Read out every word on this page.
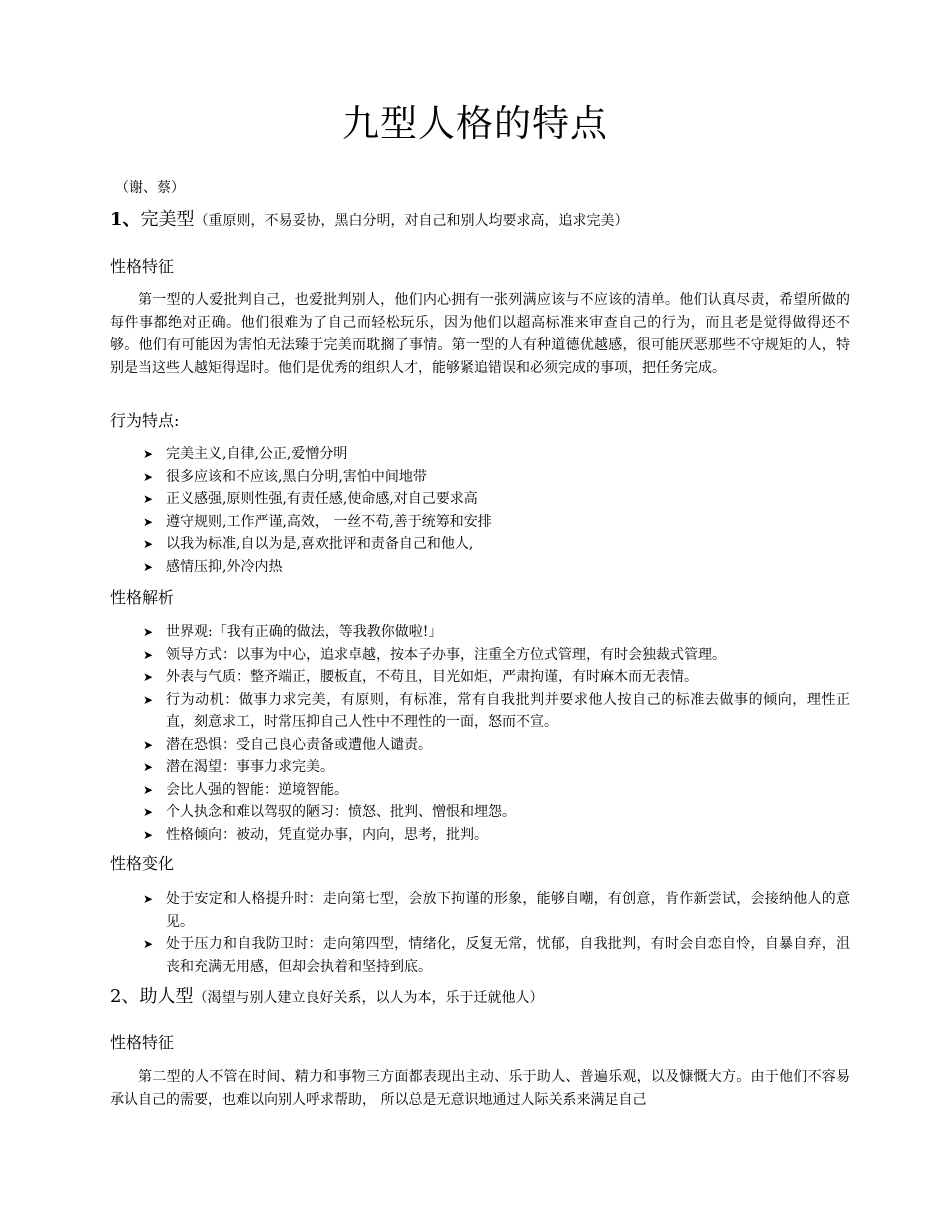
九型人格的特点
（谢、蔡）
1、完美型（重原则，不易妥协，黑白分明，对自己和别人均要求高，追求完美）
性格特征
第一型的人爱批判自己，也爱批判别人，他们内心拥有一张列满应该与不应该的清单。他们认真尽责，希望所做的每件事都绝对正确。他们很难为了自己而轻松玩乐，因为他们以超高标准来审查自己的行为，而且老是觉得做得还不够。他们有可能因为害怕无法臻于完美而耽搁了事情。第一型的人有种道德优越感，很可能厌恶那些不守规矩的人，特别是当这些人越矩得逞时。他们是优秀的组织人才，能够紧追错误和必须完成的事项，把任务完成。
行为特点:
➤ 完美主义,自律,公正,爱憎分明
➤ 很多应该和不应该,黑白分明,害怕中间地带
➤ 正义感强,原则性强,有责任感,使命感,对自己要求高
➤ 遵守规则,工作严谨,高效， 一丝不苟,善于统筹和安排
➤ 以我为标准,自以为是,喜欢批评和责备自己和他人,
➤ 感情压抑,外冷内热
性格解析
➤ 世界观:「我有正确的做法，等我教你做啦!」
➤ 领导方式：以事为中心，追求卓越，按本子办事，注重全方位式管理，有时会独裁式管理。
➤ 外表与气质：整齐端正，腰板直，不苟且，目光如炬，严肃拘谨，有时麻木而无表情。
➤ 行为动机：做事力求完美，有原则，有标准，常有自我批判并要求他人按自己的标准去做事的倾向，理性正直，刻意求工，时常压抑自己人性中不理性的一面，怒而不宣。
➤ 潜在恐惧：受自己良心责备或遭他人谴责。
➤ 潜在渴望：事事力求完美。
➤ 会比人强的智能：逆境智能。
➤ 个人执念和难以驾驭的陋习：愤怒、批判、憎恨和埋怨。
➤ 性格倾向：被动，凭直觉办事，内向，思考，批判。
性格变化
➤ 处于安定和人格提升时：走向第七型，会放下拘谨的形象，能够自嘲，有创意，肯作新尝试，会接纳他人的意见。
➤ 处于压力和自我防卫时：走向第四型，情绪化，反复无常，忧郁，自我批判，有时会自恋自怜，自暴自弃，沮丧和充满无用感，但却会执着和坚持到底。
2、助人型（渴望与别人建立良好关系，以人为本，乐于迁就他人）
性格特征
第二型的人不管在时间、精力和事物三方面都表现出主动、乐于助人、普遍乐观，以及慷慨大方。由于他们不容易承认自己的需要，也难以向别人呼求帮助， 所以总是无意识地通过人际关系来满足自己
